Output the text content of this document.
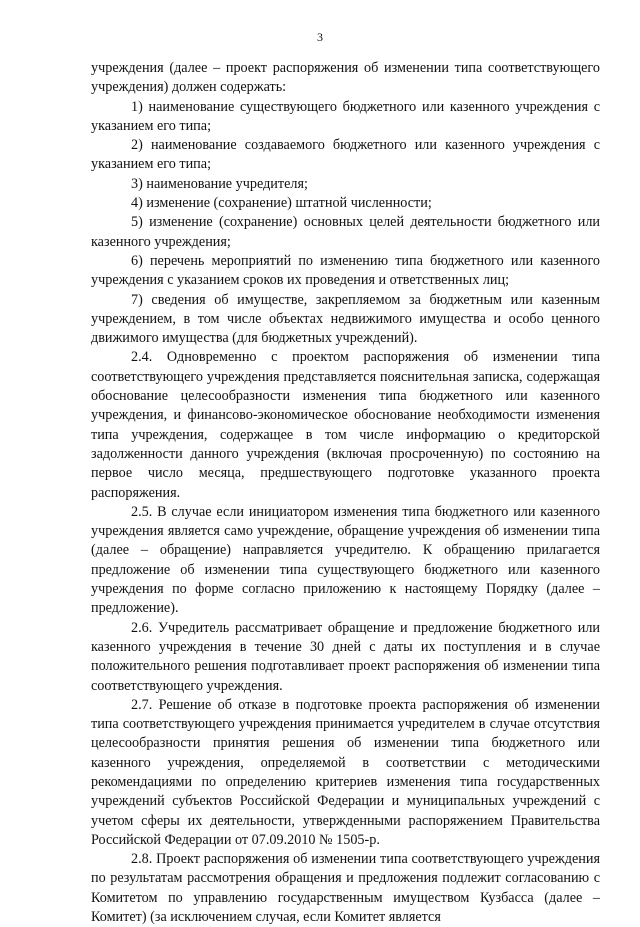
3

учреждения (далее – проект распоряжения об изменении типа соответствующего учреждения) должен содержать:

1) наименование существующего бюджетного или казенного учреждения с указанием его типа;

2) наименование создаваемого бюджетного или казенного учреждения с указанием его типа;

3) наименование учредителя;

4) изменение (сохранение) штатной численности;

5) изменение (сохранение) основных целей деятельности бюджетного или казенного учреждения;

6) перечень мероприятий по изменению типа бюджетного или казенного учреждения с указанием сроков их проведения и ответственных лиц;

7) сведения об имуществе, закрепляемом за бюджетным или казенным учреждением, в том числе объектах недвижимого имущества и особо ценного движимого имущества (для бюджетных учреждений).

2.4. Одновременно с проектом распоряжения об изменении типа соответствующего учреждения представляется пояснительная записка, содержащая обоснование целесообразности изменения типа бюджетного или казенного учреждения, и финансово-экономическое обоснование необходимости изменения типа учреждения, содержащее в том числе информацию о кредиторской задолженности данного учреждения (включая просроченную) по состоянию на первое число месяца, предшествующего подготовке указанного проекта распоряжения.

2.5. В случае если инициатором изменения типа бюджетного или казенного учреждения является само учреждение, обращение учреждения об изменении типа (далее – обращение) направляется учредителю. К обращению прилагается предложение об изменении типа существующего бюджетного или казенного учреждения по форме согласно приложению к настоящему Порядку (далее – предложение).

2.6. Учредитель рассматривает обращение и предложение бюджетного или казенного учреждения в течение 30 дней с даты их поступления и в случае положительного решения подготавливает проект распоряжения об изменении типа соответствующего учреждения.

2.7. Решение об отказе в подготовке проекта распоряжения об изменении типа соответствующего учреждения принимается учредителем в случае отсутствия целесообразности принятия решения об изменении типа бюджетного или казенного учреждения, определяемой в соответствии с методическими рекомендациями по определению критериев изменения типа государственных учреждений субъектов Российской Федерации и муниципальных учреждений с учетом сферы их деятельности, утвержденными распоряжением Правительства Российской Федерации от 07.09.2010 № 1505-р.

2.8. Проект распоряжения об изменении типа соответствующего учреждения по результатам рассмотрения обращения и предложения подлежит согласованию с Комитетом по управлению государственным имуществом Кузбасса (далее – Комитет) (за исключением случая, если Комитет является
